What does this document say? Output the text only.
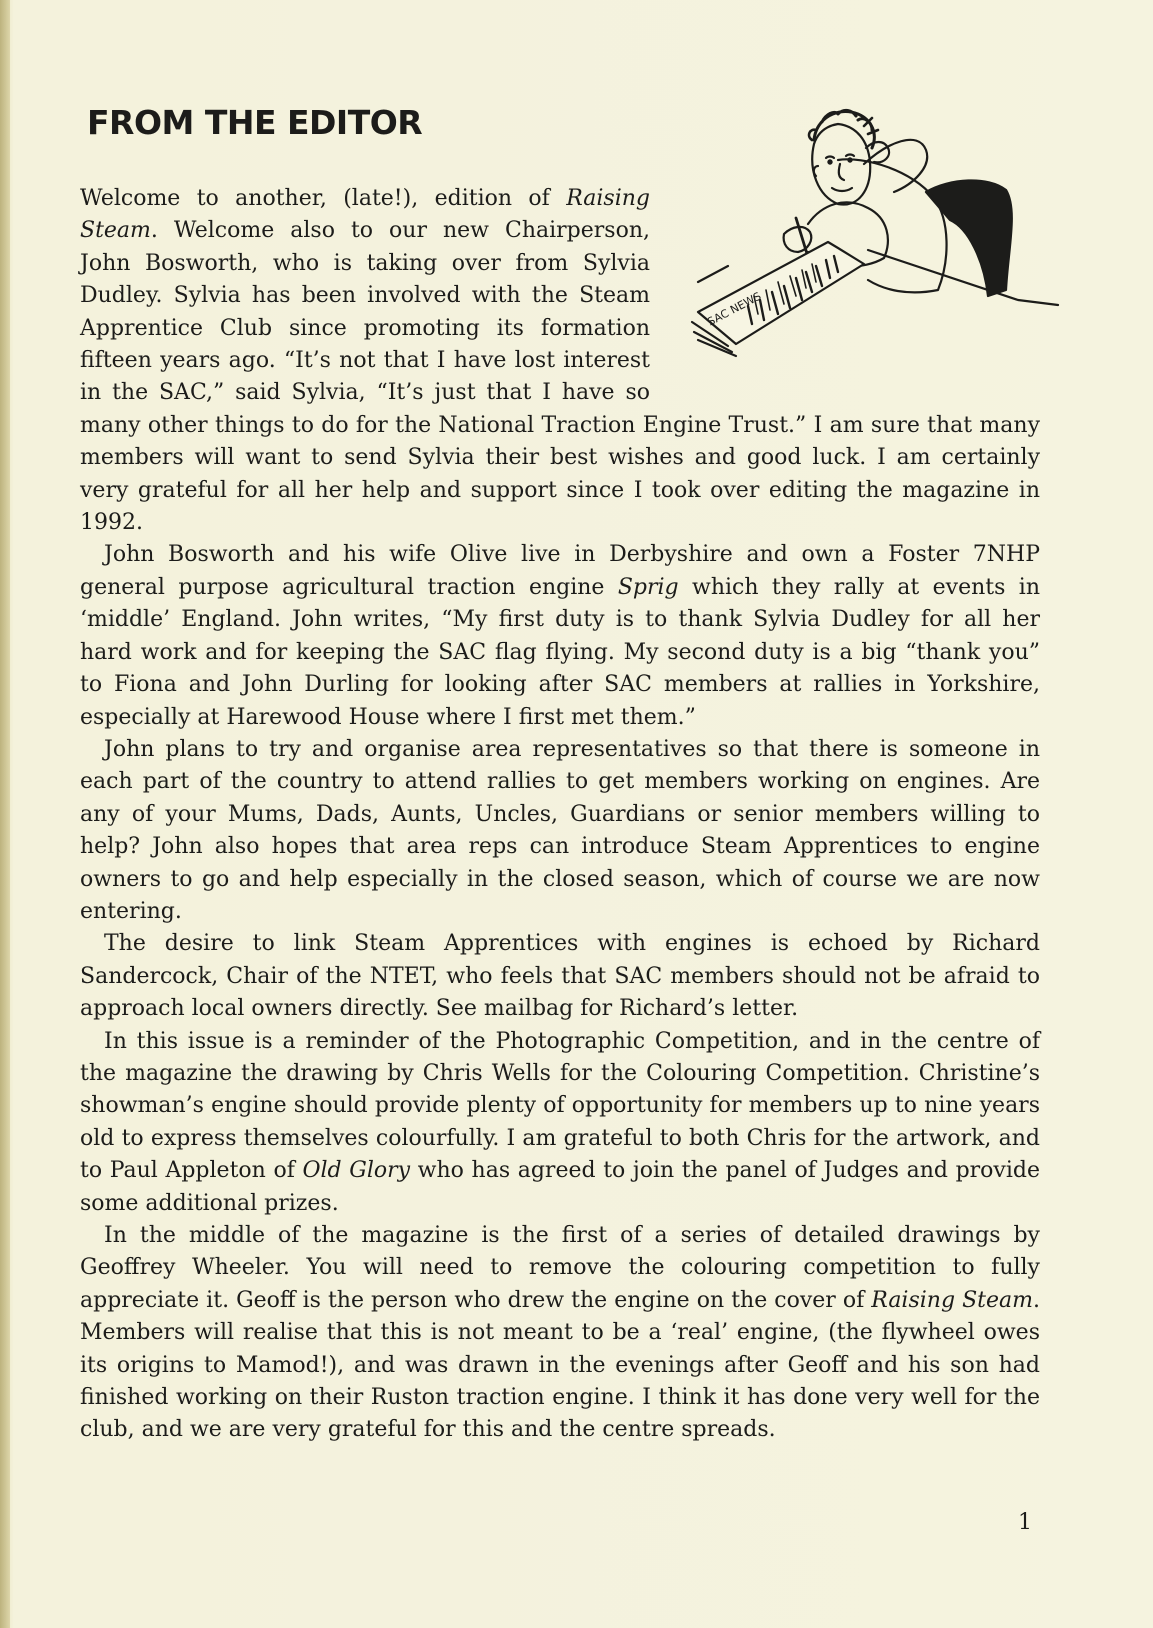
FROM THE EDITOR
SAC NEWS

Welcome to another, (late!), edition of Raising Steam. Welcome also to our new Chairperson, John Bosworth, who is taking over from Sylvia Dudley. Sylvia has been involved with the Steam Apprentice Club since promoting its formation fifteen years ago. “It’s not that I have lost interest in the SAC,” said Sylvia, “It’s just that I have so many other things to do for the National Traction Engine Trust.” I am sure that many members will want to send Sylvia their best wishes and good luck. I am certainly very grateful for all her help and support since I took over editing the magazine in 1992.

John Bosworth and his wife Olive live in Derbyshire and own a Foster 7NHP general purpose agricultural traction engine Sprig which they rally at events in ‘middle’ England. John writes, “My first duty is to thank Sylvia Dudley for all her hard work and for keeping the SAC flag flying. My second duty is a big “thank you” to Fiona and John Durling for looking after SAC members at rallies in Yorkshire, especially at Harewood House where I first met them.”

John plans to try and organise area representatives so that there is someone in each part of the country to attend rallies to get members working on engines. Are any of your Mums, Dads, Aunts, Uncles, Guardians or senior members willing to help? John also hopes that area reps can introduce Steam Apprentices to engine owners to go and help especially in the closed season, which of course we are now entering.

The desire to link Steam Apprentices with engines is echoed by Richard Sandercock, Chair of the NTET, who feels that SAC members should not be afraid to approach local owners directly. See mailbag for Richard’s letter.

In this issue is a reminder of the Photographic Competition, and in the centre of the magazine the drawing by Chris Wells for the Colouring Competition. Christine’s showman’s engine should provide plenty of opportunity for members up to nine years old to express themselves colourfully. I am grateful to both Chris for the artwork, and to Paul Appleton of Old Glory who has agreed to join the panel of Judges and provide some additional prizes.

In the middle of the magazine is the first of a series of detailed drawings by Geoffrey Wheeler. You will need to remove the colouring competition to fully appreciate it. Geoff is the person who drew the engine on the cover of Raising Steam. Members will realise that this is not meant to be a ‘real’ engine, (the flywheel owes its origins to Mamod!), and was drawn in the evenings after Geoff and his son had finished working on their Ruston traction engine. I think it has done very well for the club, and we are very grateful for this and the centre spreads.

1
